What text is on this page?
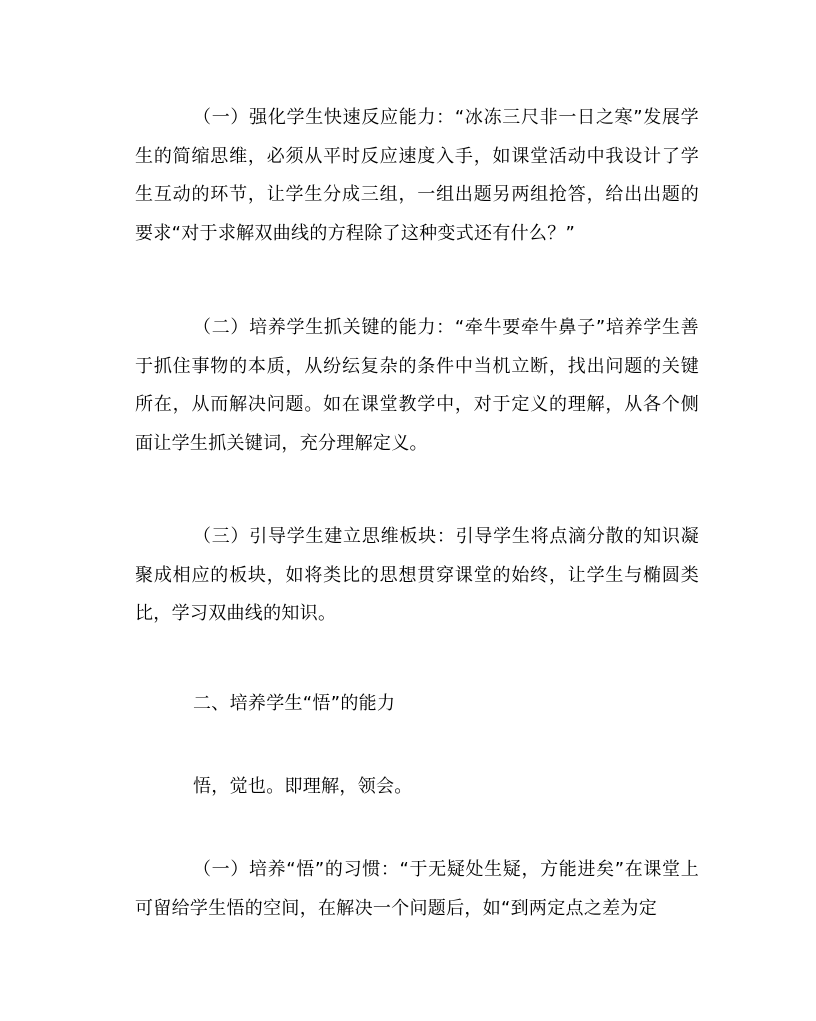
（一）强化学生快速反应能力：“冰冻三尺非一日之寒”发展学生的简缩思维，必须从平时反应速度入手，如课堂活动中我设计了学生互动的环节，让学生分成三组，一组出题另两组抢答，给出出题的要求“对于求解双曲线的方程除了这种变式还有什么？”

（二）培养学生抓关键的能力：“牵牛要牵牛鼻子”培养学生善于抓住事物的本质，从纷纭复杂的条件中当机立断，找出问题的关键所在，从而解决问题。如在课堂教学中，对于定义的理解，从各个侧面让学生抓关键词，充分理解定义。

（三）引导学生建立思维板块：引导学生将点滴分散的知识凝聚成相应的板块，如将类比的思想贯穿课堂的始终，让学生与椭圆类比，学习双曲线的知识。

二、培养学生“悟”的能力

悟，觉也。即理解，领会。

（一）培养“悟”的习惯：“于无疑处生疑，方能进矣”在课堂上可留给学生悟的空间，在解决一个问题后，如“到两定点之差为定
